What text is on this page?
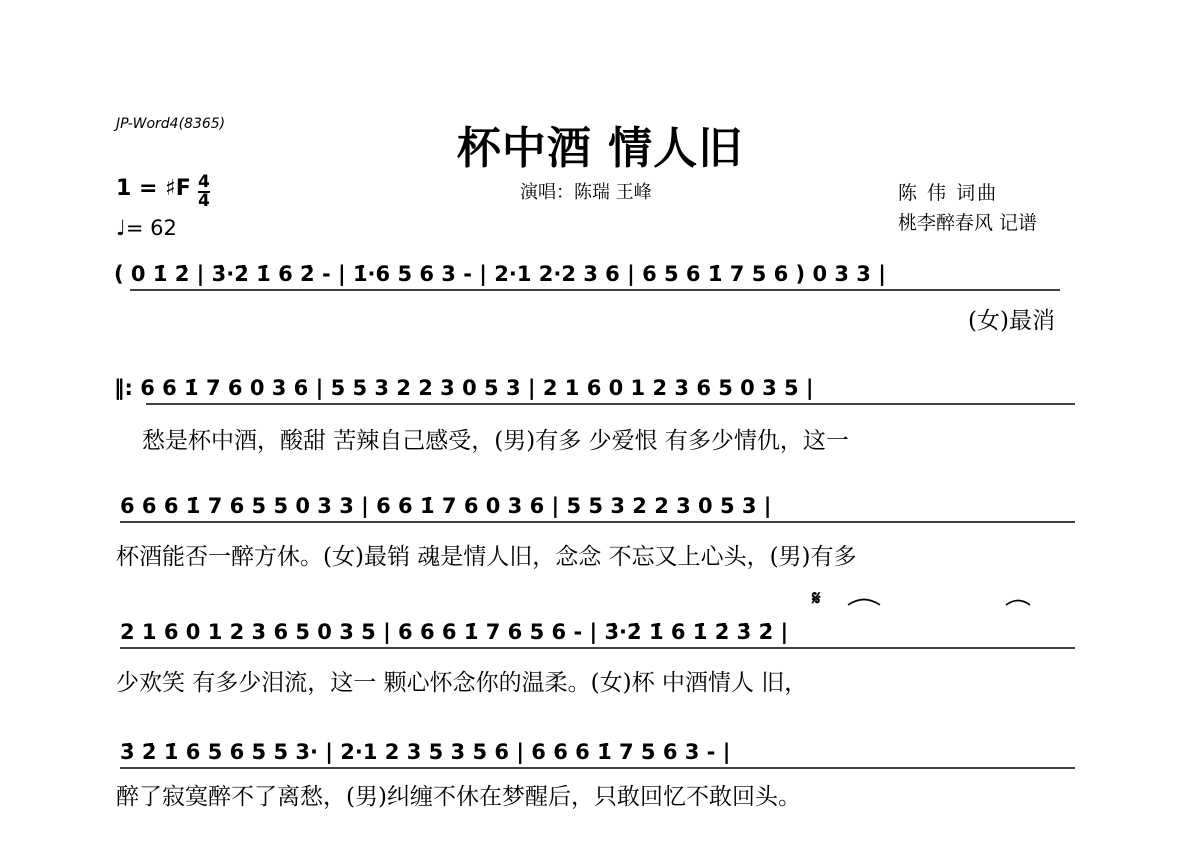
JP-Word4(8365)	杯中酒 情人旧
1 = ♯F 4
4
♩= 62
演唱：陈瑞 王峰	陈 伟 词曲
桃李醉春风 记谱
( 0 1̇ 2̇ | 3̇·2̇ 1̇ 6 2̇ - | 1̇·6 5 6 3 - | 2·1 2·2 3 6 | 6 5 6 1̇ 7 5 6 ) 0 3 3 |
(女)最消
‖: 6 6 1̇ 7 6 0 3 6 | 5 5 3 2 2 3 0 5 3 | 2 1 6 0 1 2 3 6 5 0 3 5 |
愁是杯中酒，酸甜 苦辣自己感受，(男)有多 少爱恨 有多少情仇，这一
6 6 6 1̇ 7 6 5 5 0 3 3 | 6 6 1̇ 7 6 0 3 6 | 5 5 3 2 2 3 0 5 3 |
杯酒能否一醉方休。(女)最销 魂是情人旧，念念 不忘又上心头，(男)有多
𝄋
2 1 6 0 1 2 3 6 5 0 3 5 | 6 6 6 1̇ 7 6 5 6 - | 3̇·2̇ 1̇ 6 1̇ 2̇ 3̇ 2̇ |
少欢笑 有多少泪流，这一 颗心怀念你的温柔。(女)杯 中酒情人 旧，
3̇ 2̇ 1̇ 6 5 6 5 5 3· | 2·1 2 3 5 3 5 6 | 6 6 6 1̇ 7 5 6 3 - |
醉了寂寞醉不了离愁，(男)纠缠不休在梦醒后，只敢回忆不敢回头。
